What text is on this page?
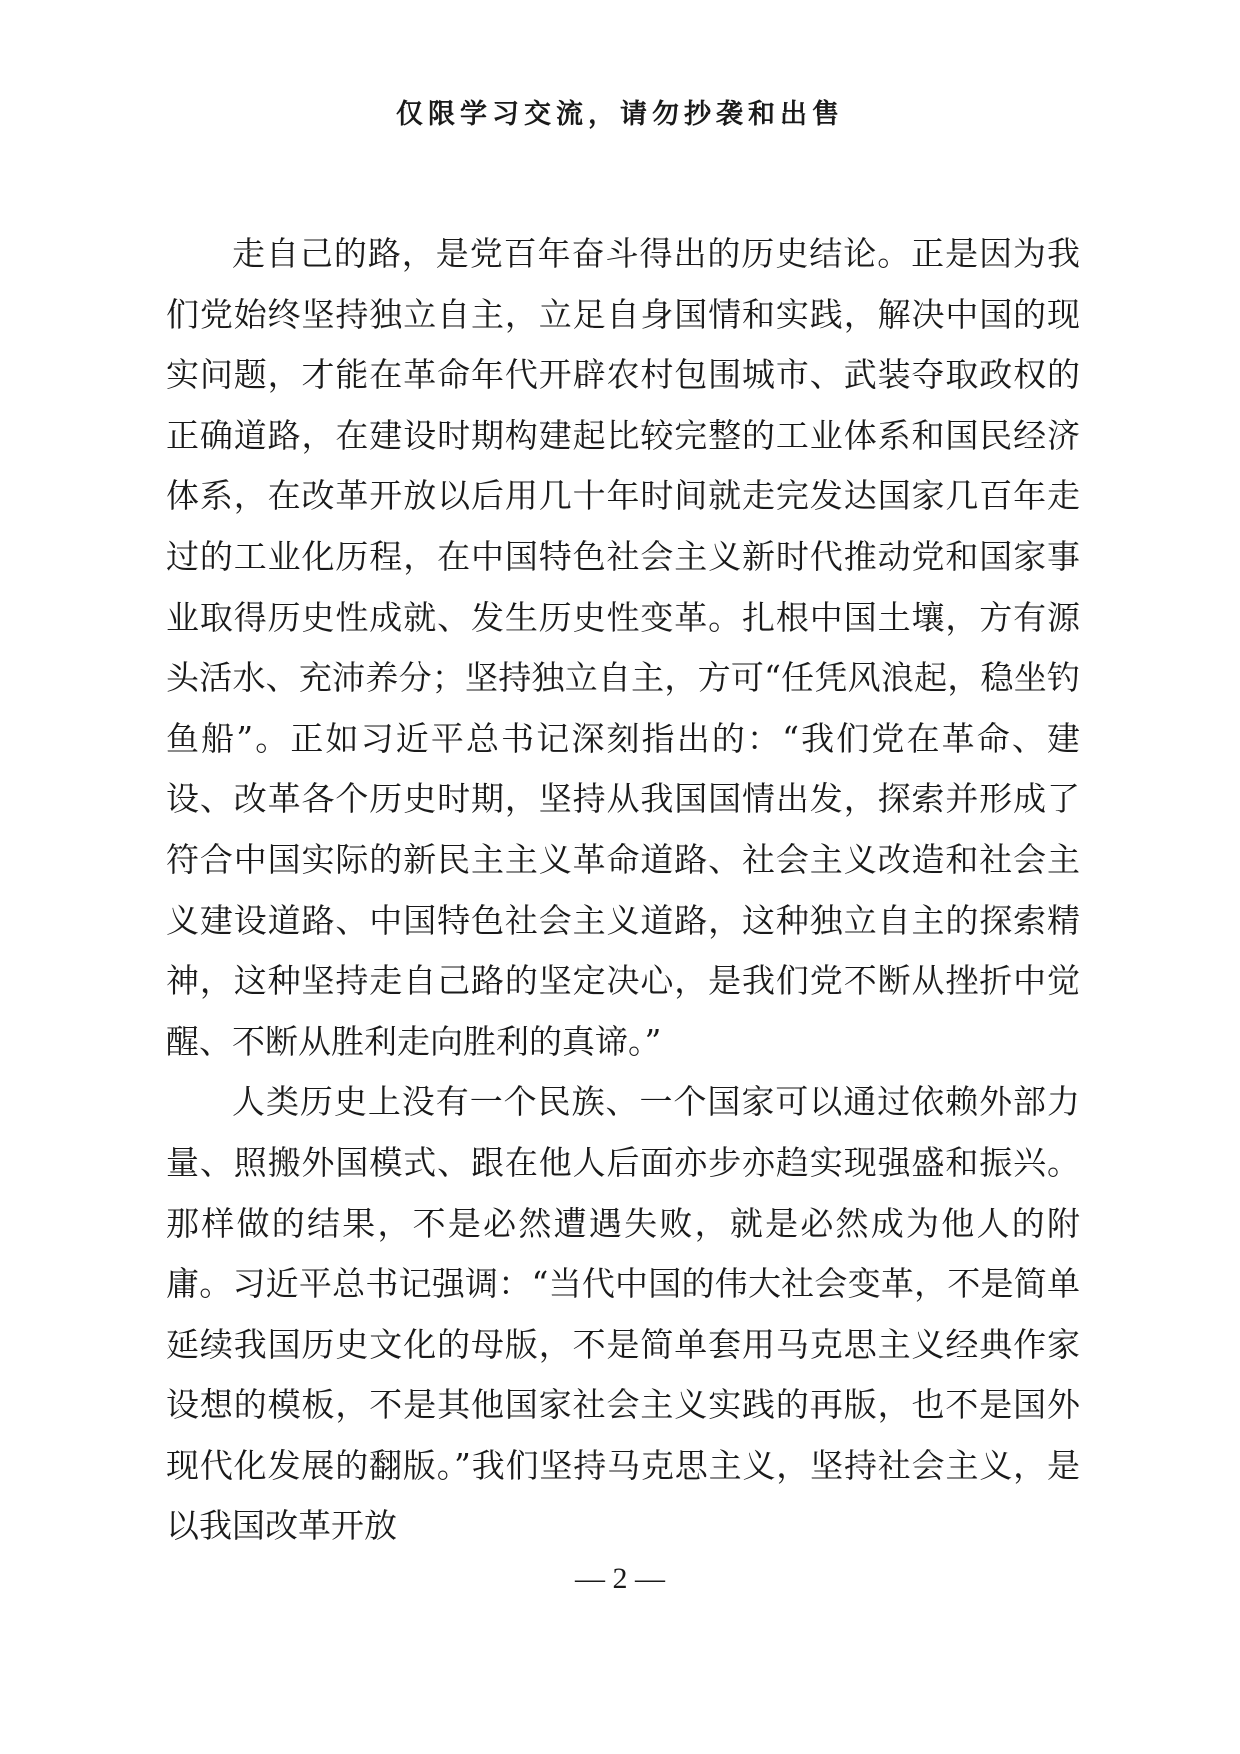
仅限学习交流，请勿抄袭和出售

走自己的路，是党百年奋斗得出的历史结论。正是因为我们党始终坚持独立自主，立足自身国情和实践，解决中国的现实问题，才能在革命年代开辟农村包围城市、武装夺取政权的正确道路，在建设时期构建起比较完整的工业体系和国民经济体系，在改革开放以后用几十年时间就走完发达国家几百年走过的工业化历程，在中国特色社会主义新时代推动党和国家事业取得历史性成就、发生历史性变革。扎根中国土壤，方有源头活水、充沛养分；坚持独立自主，方可“任凭风浪起，稳坐钓鱼船”。正如习近平总书记深刻指出的：“我们党在革命、建设、改革各个历史时期，坚持从我国国情出发，探索并形成了符合中国实际的新民主主义革命道路、社会主义改造和社会主义建设道路、中国特色社会主义道路，这种独立自主的探索精神，这种坚持走自己路的坚定决心，是我们党不断从挫折中觉醒、不断从胜利走向胜利的真谛。”

人类历史上没有一个民族、一个国家可以通过依赖外部力量、照搬外国模式、跟在他人后面亦步亦趋实现强盛和振兴。那样做的结果，不是必然遭遇失败，就是必然成为他人的附庸。习近平总书记强调：“当代中国的伟大社会变革，不是简单延续我国历史文化的母版，不是简单套用马克思主义经典作家设想的模板，不是其他国家社会主义实践的再版，也不是国外现代化发展的翻版。”我们坚持马克思主义，坚持社会主义，是以我国改革开放

— 2 —
